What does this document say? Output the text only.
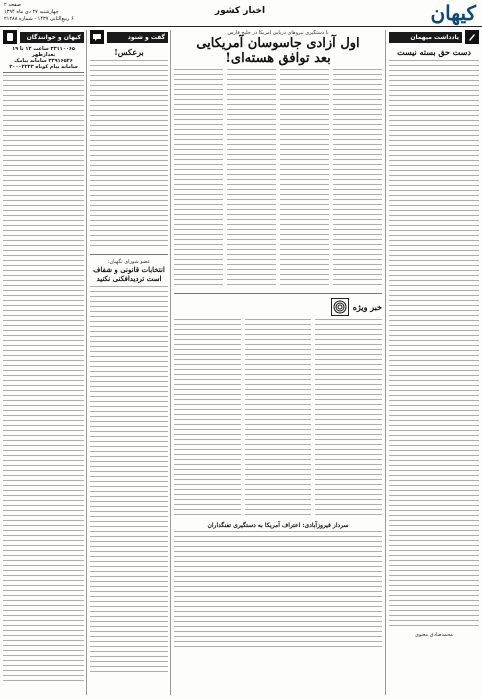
کیهان
اخبار کشور
صفحه ۲
چهارشنبه ۲۷ دی ماه ۱۳۹۴
۶ ربیع‌الثانی ۱۴۳۷ - شماره ۲۱۲۸۸
یادداشت میهمان
دست حق بسته نیست
محمدصادق معنوی
با دستگیری نیروهای دریایی آمریکا در خلیج فارس
اول آزادی جاسوسان آمریکایی
بعد توافق هسته‌ای!
خبر ویژه
سردار فیروزآبادی: اعتراف آمریکا به دستگیری تفنگداران
گفت و شنود
برعکس!
عضو شورای نگهبان:
انتخابات قانونی و شفاف است تردیدافکنی نکنید
کیهان و خوانندگان
۳۳۱۱۰۰۶۵ ساعت ۱۲ تا ۱۹ بعدازظهر
۳۳۹۱۶۵۲۶ سامانه پیامک
سامانه پیام کوتاه ۳۰۰۰۲۳۲۳
